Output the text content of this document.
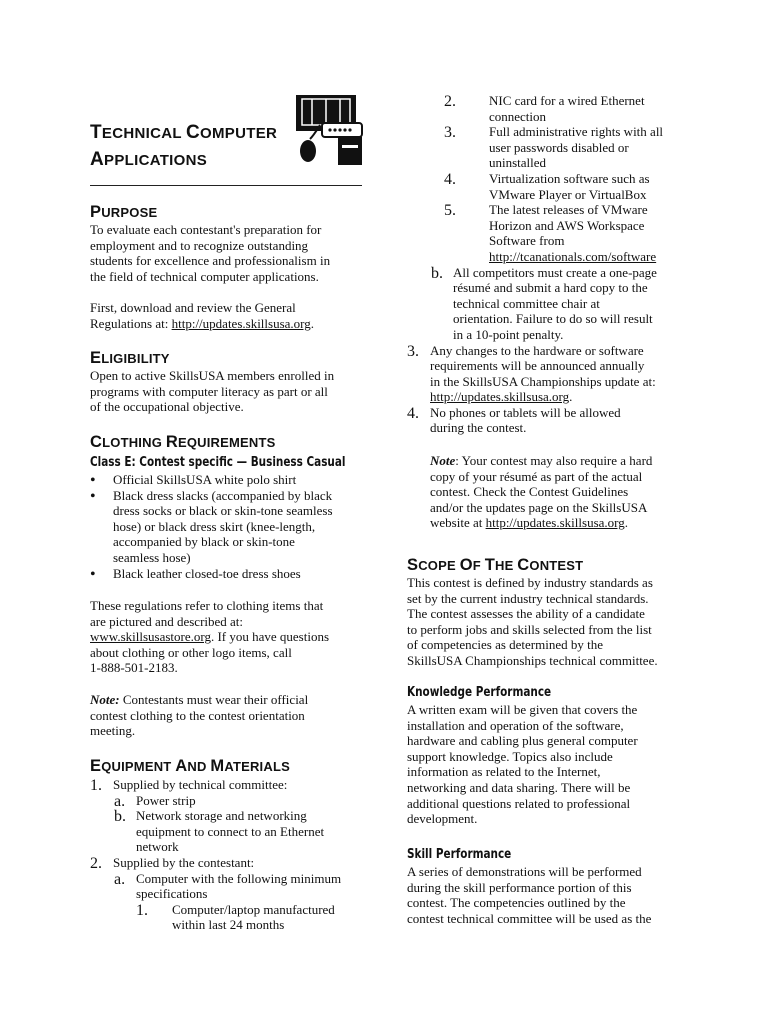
TECHNICAL COMPUTER
APPLICATIONS
PURPOSE

To evaluate each contestant's preparation for

employment and to recognize outstanding

students for excellence and professionalism in

the field of technical computer applications.

First, download and review the General

Regulations at: http://updates.skillsusa.org.

ELIGIBILITY

Open to active SkillsUSA members enrolled in

programs with computer literacy as part or all

of the occupational objective.

CLOTHING REQUIREMENTS
Class E: Contest specific — Business Casual
• Official SkillsUSA white polo shirt

• Black dress slacks (accompanied by black

dress socks or black or skin-tone seamless

hose) or black dress skirt (knee-length,

accompanied by black or skin-tone

seamless hose)

• Black leather closed-toe dress shoes

These regulations refer to clothing items that

are pictured and described at:

www.skillsusastore.org. If you have questions

about clothing or other logo items, call

1-888-501-2183.

Note: Contestants must wear their official

contest clothing to the contest orientation

meeting.

EQUIPMENT AND MATERIALS
1. Supplied by technical committee:

a. Power strip

b. Network storage and networking

equipment to connect to an Ethernet

network

2. Supplied by the contestant:

a. Computer with the following minimum

specifications

1. Computer/laptop manufactured

within last 24 months

2.	NIC card for a wired Ethernet

connection

3.	Full administrative rights with all

user passwords disabled or

uninstalled

4.	Virtualization software such as

VMware Player or VirtualBox

5.	The latest releases of VMware

Horizon and AWS Workspace

Software from

http://tcanationals.com/software

b. All competitors must create a one-page

résumé and submit a hard copy to the

technical committee chair at

orientation. Failure to do so will result

in a 10-point penalty.

3. Any changes to the hardware or software

requirements will be announced annually

in the SkillsUSA Championships update at:

http://updates.skillsusa.org.

4. No phones or tablets will be allowed

during the contest.

Note: Your contest may also require a hard

copy of your résumé as part of the actual

contest. Check the Contest Guidelines

and/or the updates page on the SkillsUSA

website at http://updates.skillsusa.org.

SCOPE OF THE CONTEST

This contest is defined by industry standards as

set by the current industry technical standards.

The contest assesses the ability of a candidate

to perform jobs and skills selected from the list

of competencies as determined by the

SkillsUSA Championships technical committee.

Knowledge Performance

A written exam will be given that covers the

installation and operation of the software,

hardware and cabling plus general computer

support knowledge. Topics also include

information as related to the Internet,

networking and data sharing. There will be

additional questions related to professional

development.

Skill Performance

A series of demonstrations will be performed

during the skill performance portion of this

contest. The competencies outlined by the

contest technical committee will be used as the
